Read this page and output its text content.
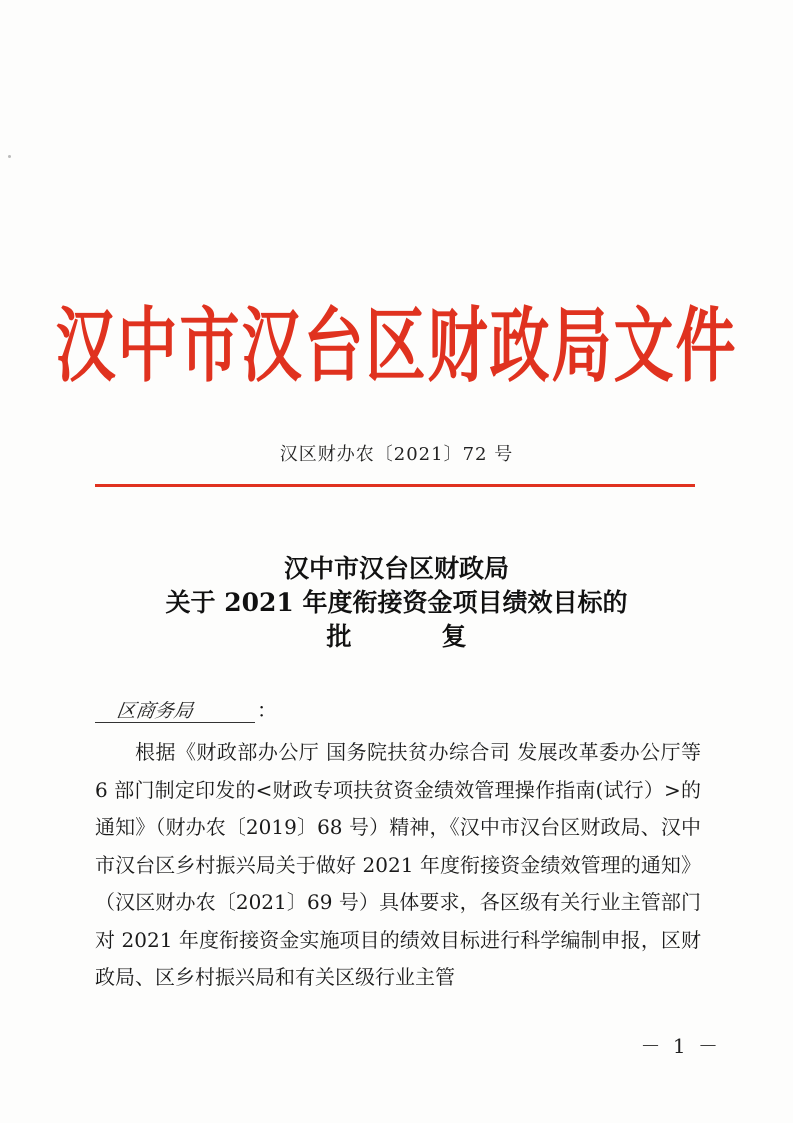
汉中市汉台区财政局文件
汉区财办农〔2021〕72 号
汉中市汉台区财政局
关于 2021 年度衔接资金项目绩效目标的
批复
区商务局	：

根据《财政部办公厅 国务院扶贫办综合司 发展改革委办公厅等 6 部门制定印发的<财政专项扶贫资金绩效管理操作指南(试行）>的通知》（财办农〔2019〕68 号）精神，《汉中市汉台区财政局、汉中市汉台区乡村振兴局关于做好 2021 年度衔接资金绩效管理的通知》（汉区财办农〔2021〕69 号）具体要求，各区级有关行业主管部门对 2021 年度衔接资金实施项目的绩效目标进行科学编制申报，区财政局、区乡村振兴局和有关区级行业主管

－ 1 －
